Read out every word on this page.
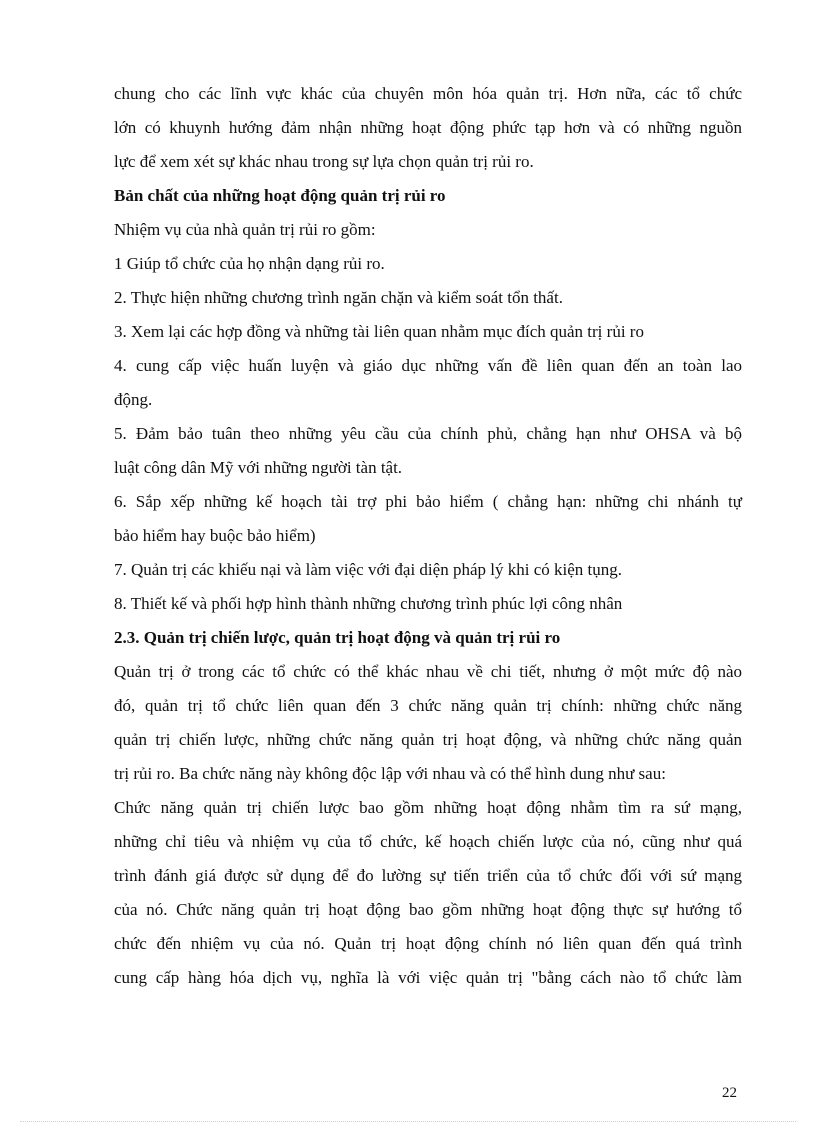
chung cho các lĩnh vực khác của chuyên môn hóa quản trị. Hơn nữa, các tổ chức

lớn có khuynh hướng đảm nhận những hoạt động phức tạp hơn và có những nguồn

lực để xem xét sự khác nhau trong sự lựa chọn quản trị rủi ro.

Bản chất của những hoạt động quản trị rủi ro

Nhiệm vụ của nhà quản trị rủi ro gồm:

1 Giúp tổ chức của họ nhận dạng rủi ro.

2. Thực hiện những chương trình ngăn chặn và kiểm soát tổn thất.

3. Xem lại các hợp đồng và những tài liên quan nhằm mục đích quản trị rủi ro

4. cung cấp việc huấn luyện và giáo dục những vấn đề liên quan đến an toàn lao

động.

5. Đảm bảo tuân theo những yêu cầu của chính phủ, chẳng hạn như OHSA và bộ

luật công dân Mỹ với những người tàn tật.

6. Sắp xếp những kế hoạch tài trợ phi bảo hiểm ( chẳng hạn: những chi nhánh tự

bảo hiểm hay buộc bảo hiểm)

7. Quản trị các khiếu nại và làm việc với đại diện pháp lý khi có kiện tụng.

8. Thiết kế và phối hợp hình thành những chương trình phúc lợi công nhân

2.3. Quản trị chiến lược, quản trị hoạt động và quản trị rủi ro

Quản trị ở trong các tổ chức có thể khác nhau về chi tiết, nhưng ở một mức độ nào

đó, quản trị tổ chức liên quan đến 3 chức năng quản trị chính: những chức năng

quản trị chiến lược, những chức năng quản trị hoạt động, và những chức năng quản

trị rủi ro. Ba chức năng này không độc lập với nhau và có thể hình dung như sau:

Chức năng quản trị chiến lược bao gồm những hoạt động nhằm tìm ra sứ mạng,

những chỉ tiêu và nhiệm vụ của tổ chức, kế hoạch chiến lược của nó, cũng như quá

trình đánh giá được sử dụng để đo lường sự tiến triển của tổ chức đối với sứ mạng

của nó. Chức năng quản trị hoạt động bao gồm những hoạt động thực sự hướng tổ

chức đến nhiệm vụ của nó. Quản trị hoạt động chính nó liên quan đến quá trình

cung cấp hàng hóa dịch vụ, nghĩa là với việc quản trị "bằng cách nào tổ chức làm

22
